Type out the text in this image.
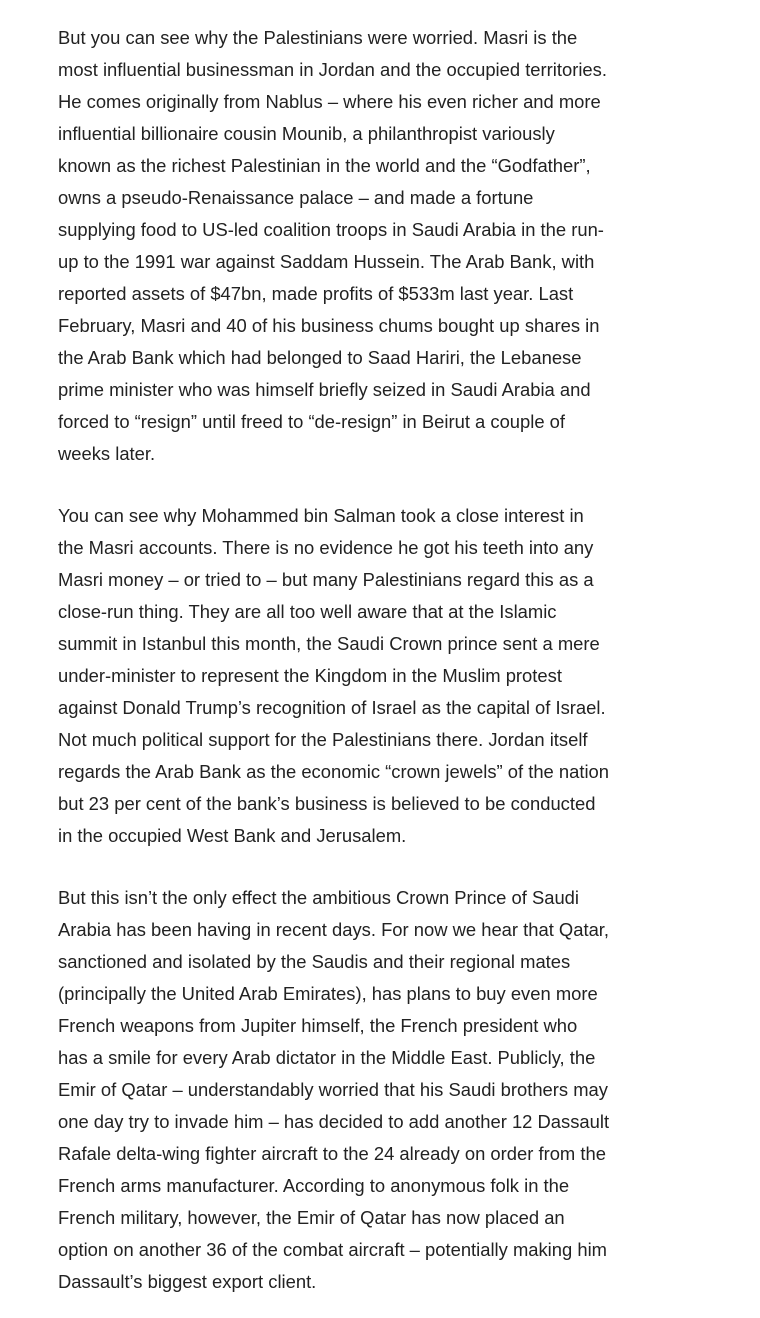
But you can see why the Palestinians were worried. Masri is the
most influential businessman in Jordan and the occupied territories.
He comes originally from Nablus – where his even richer and more
influential billionaire cousin Mounib, a philanthropist variously
known as the richest Palestinian in the world and the “Godfather”,
owns a pseudo-Renaissance palace – and made a fortune
supplying food to US-led coalition troops in Saudi Arabia in the run-
up to the 1991 war against Saddam Hussein. The Arab Bank, with
reported assets of $47bn, made profits of $533m last year. Last
February, Masri and 40 of his business chums bought up shares in
the Arab Bank which had belonged to Saad Hariri, the Lebanese
prime minister who was himself briefly seized in Saudi Arabia and
forced to “resign” until freed to “de-resign” in Beirut a couple of
weeks later.

You can see why Mohammed bin Salman took a close interest in
the Masri accounts. There is no evidence he got his teeth into any
Masri money – or tried to – but many Palestinians regard this as a
close-run thing. They are all too well aware that at the Islamic
summit in Istanbul this month, the Saudi Crown prince sent a mere
under-minister to represent the Kingdom in the Muslim protest
against Donald Trump’s recognition of Israel as the capital of Israel.
Not much political support for the Palestinians there. Jordan itself
regards the Arab Bank as the economic “crown jewels” of the nation
but 23 per cent of the bank’s business is believed to be conducted
in the occupied West Bank and Jerusalem.

But this isn’t the only effect the ambitious Crown Prince of Saudi
Arabia has been having in recent days. For now we hear that Qatar,
sanctioned and isolated by the Saudis and their regional mates
(principally the United Arab Emirates), has plans to buy even more
French weapons from Jupiter himself, the French president who
has a smile for every Arab dictator in the Middle East. Publicly, the
Emir of Qatar – understandably worried that his Saudi brothers may
one day try to invade him – has decided to add another 12 Dassault
Rafale delta-wing fighter aircraft to the 24 already on order from the
French arms manufacturer. According to anonymous folk in the
French military, however, the Emir of Qatar has now placed an
option on another 36 of the combat aircraft – potentially making him
Dassault’s biggest export client.
